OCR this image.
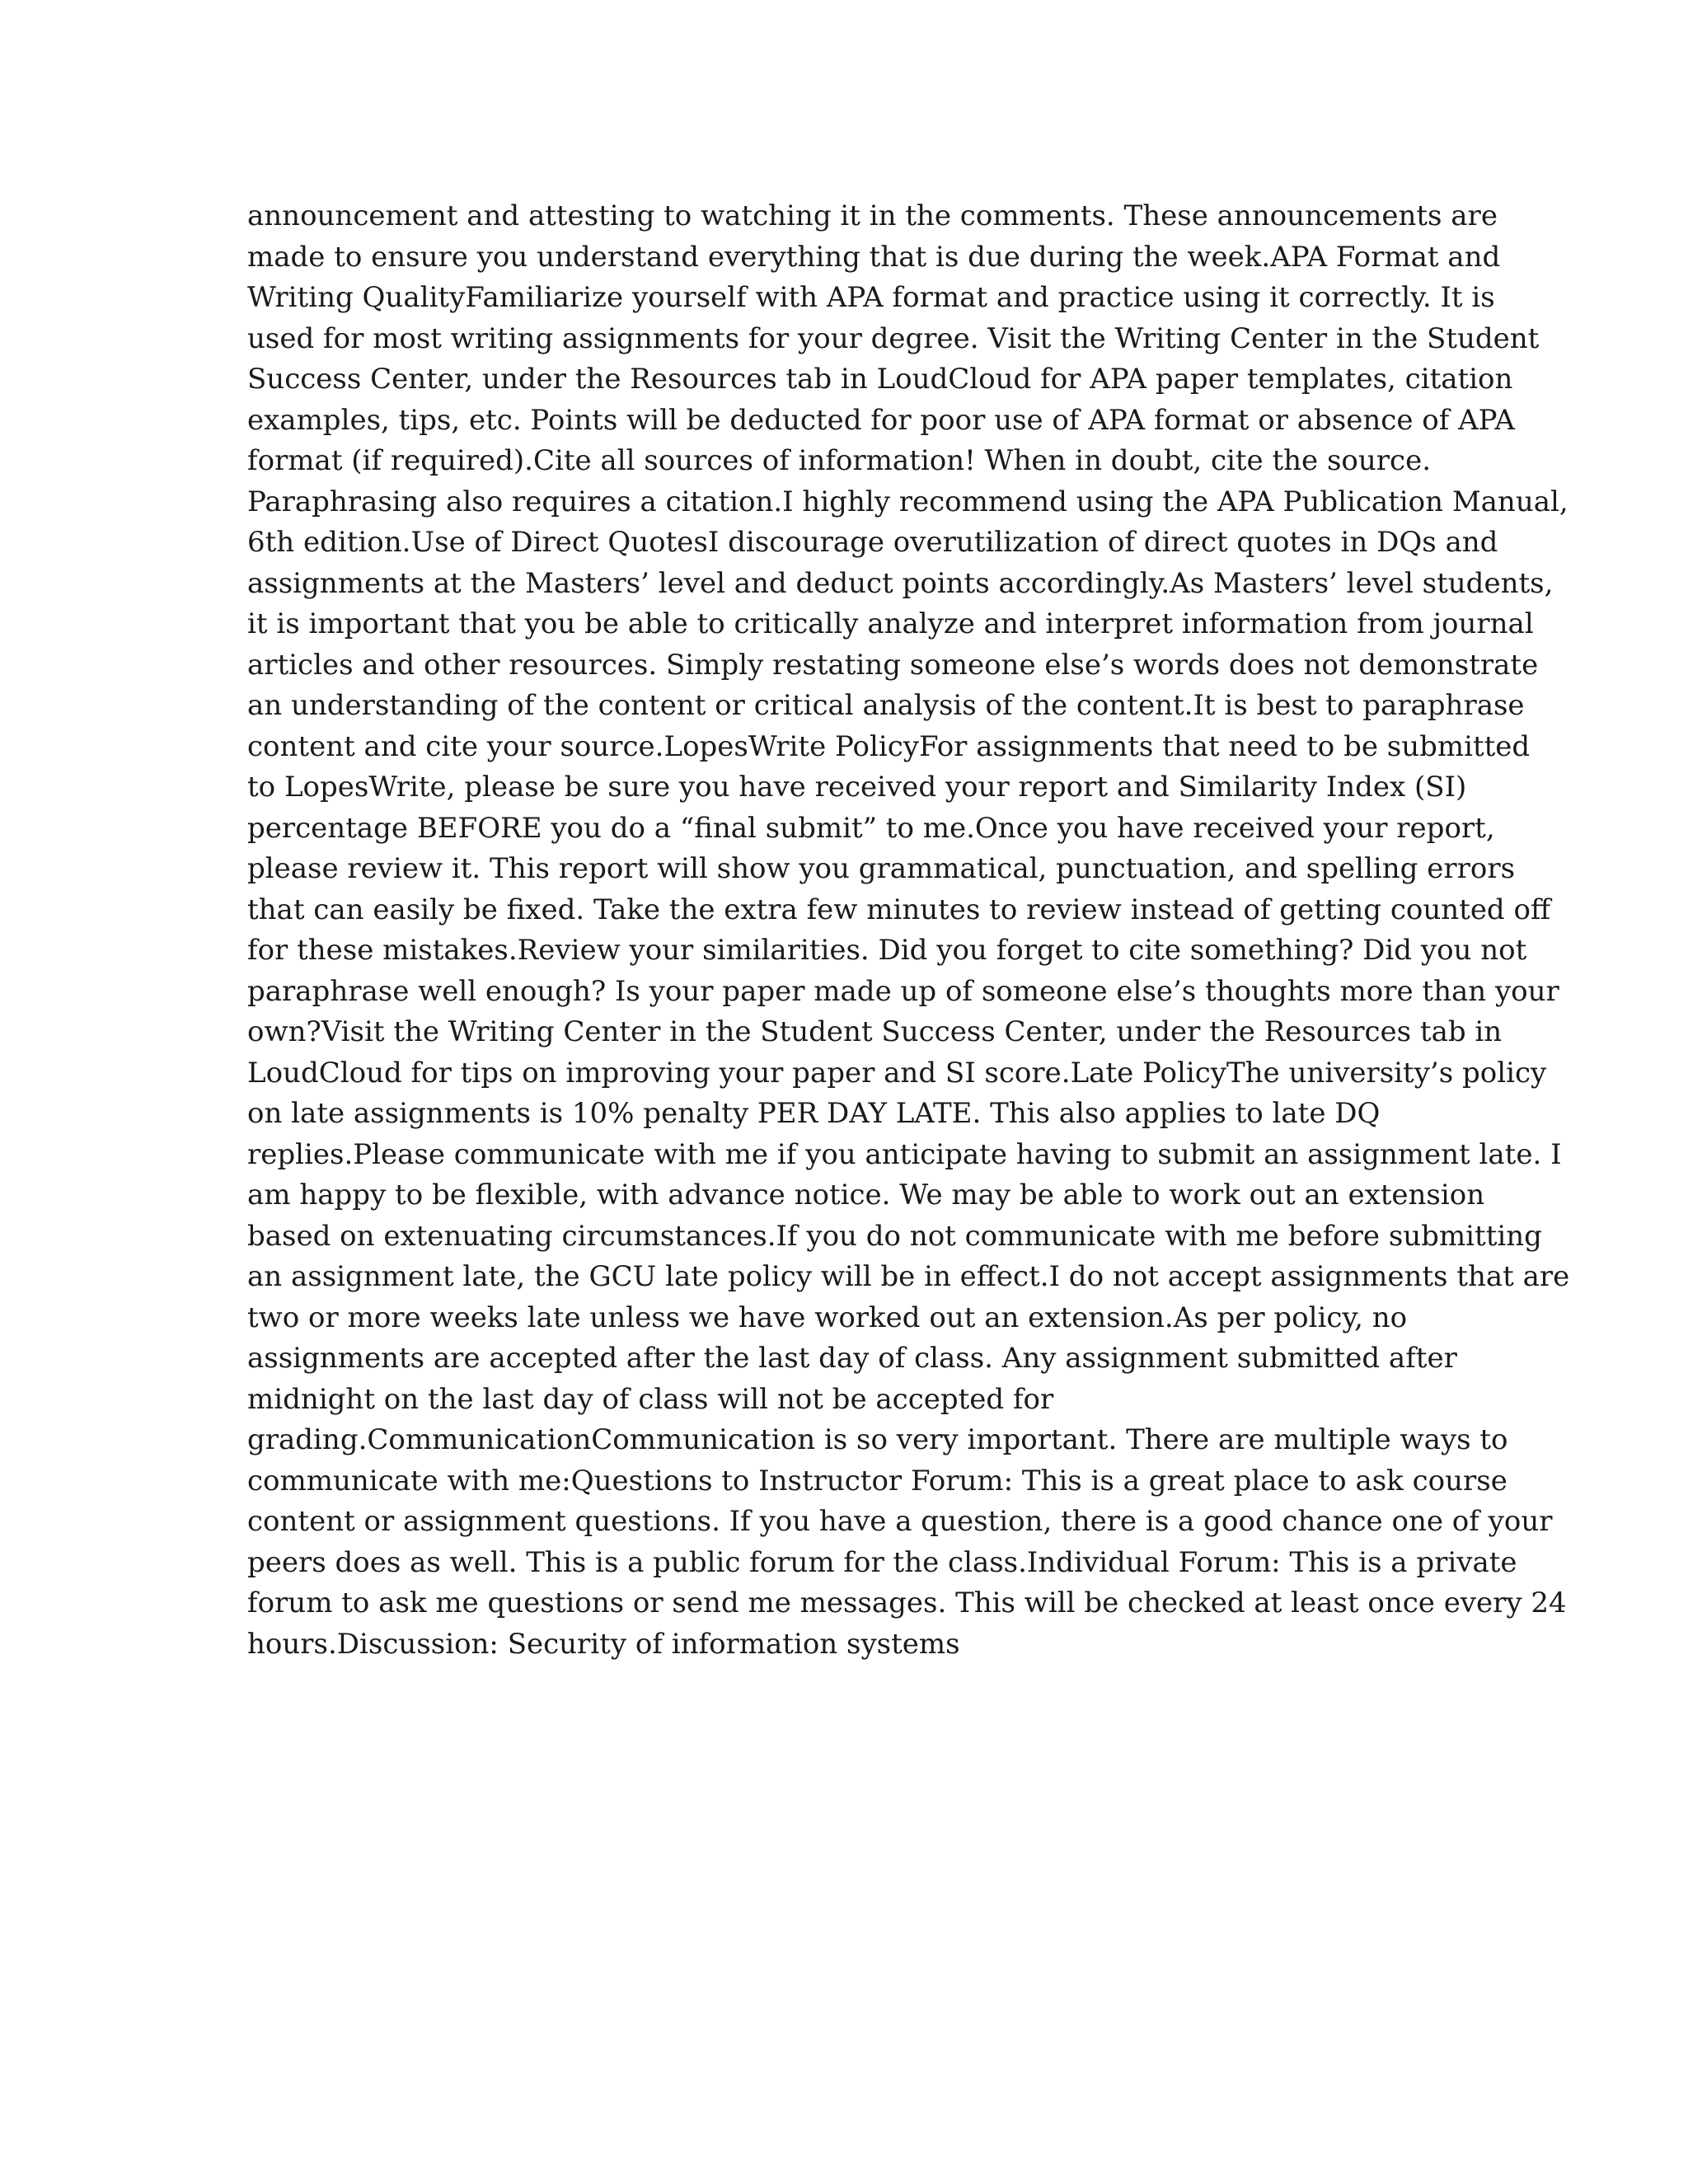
announcement and attesting to watching it in the comments. These announcements are
made to ensure you understand everything that is due during the week.APA Format and
Writing QualityFamiliarize yourself with APA format and practice using it correctly. It is
used for most writing assignments for your degree. Visit the Writing Center in the Student
Success Center, under the Resources tab in LoudCloud for APA paper templates, citation
examples, tips, etc. Points will be deducted for poor use of APA format or absence of APA
format (if required).Cite all sources of information! When in doubt, cite the source.
Paraphrasing also requires a citation.I highly recommend using the APA Publication Manual,
6th edition.Use of Direct QuotesI discourage overutilization of direct quotes in DQs and
assignments at the Masters’ level and deduct points accordingly.As Masters’ level students,
it is important that you be able to critically analyze and interpret information from journal
articles and other resources. Simply restating someone else’s words does not demonstrate
an understanding of the content or critical analysis of the content.It is best to paraphrase
content and cite your source.LopesWrite PolicyFor assignments that need to be submitted
to LopesWrite, please be sure you have received your report and Similarity Index (SI)
percentage BEFORE you do a “final submit” to me.Once you have received your report,
please review it. This report will show you grammatical, punctuation, and spelling errors
that can easily be fixed. Take the extra few minutes to review instead of getting counted off
for these mistakes.Review your similarities. Did you forget to cite something? Did you not
paraphrase well enough? Is your paper made up of someone else’s thoughts more than your
own?Visit the Writing Center in the Student Success Center, under the Resources tab in
LoudCloud for tips on improving your paper and SI score.Late PolicyThe university’s policy
on late assignments is 10% penalty PER DAY LATE. This also applies to late DQ
replies.Please communicate with me if you anticipate having to submit an assignment late. I
am happy to be flexible, with advance notice. We may be able to work out an extension
based on extenuating circumstances.If you do not communicate with me before submitting
an assignment late, the GCU late policy will be in effect.I do not accept assignments that are
two or more weeks late unless we have worked out an extension.As per policy, no
assignments are accepted after the last day of class. Any assignment submitted after
midnight on the last day of class will not be accepted for
grading.CommunicationCommunication is so very important. There are multiple ways to
communicate with me:Questions to Instructor Forum: This is a great place to ask course
content or assignment questions. If you have a question, there is a good chance one of your
peers does as well. This is a public forum for the class.Individual Forum: This is a private
forum to ask me questions or send me messages. This will be checked at least once every 24
hours.Discussion: Security of information systems
